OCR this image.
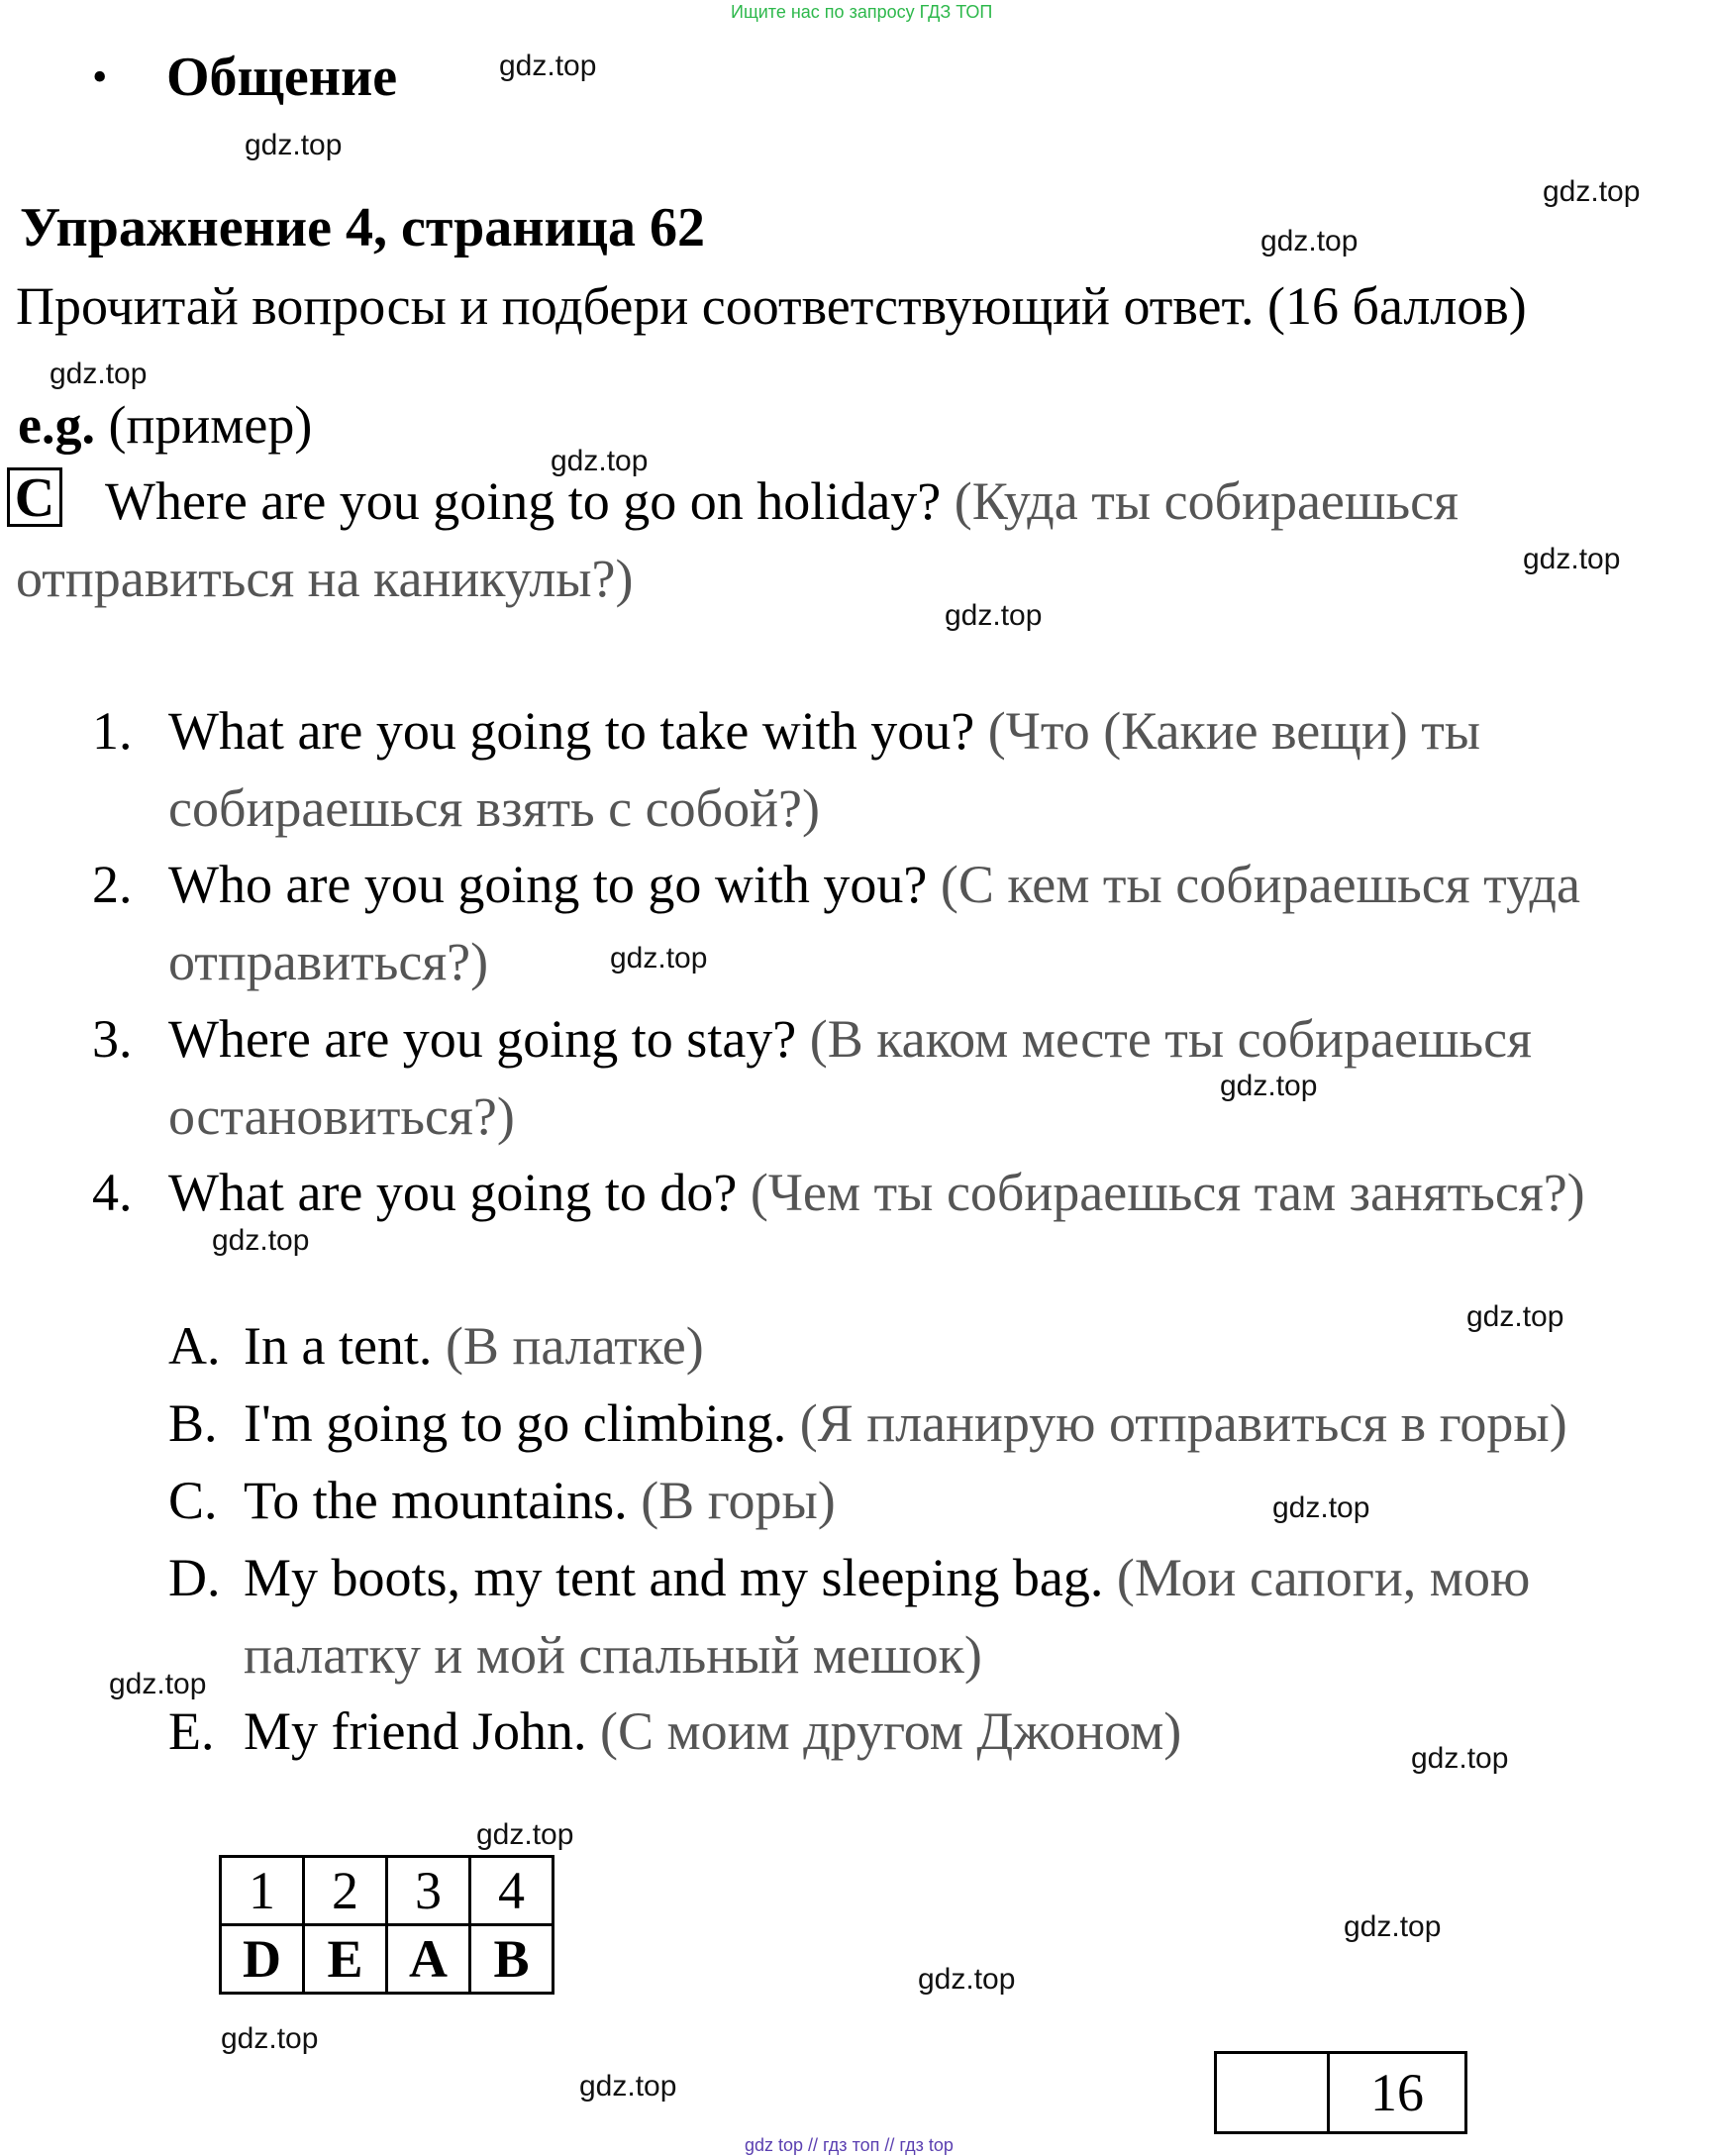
Ищите нас по запросу ГДЗ ТОП
gdz top // гдз топ // гдз top
• Общение
Упражнение 4, страница 62
Прочитай вопросы и подбери соответствующий ответ. (16 баллов)
e.g. (пример)
C Where are you going to go on holiday? (Куда ты собираешься
отправиться на каникулы?)
1. What are you going to take with you? (Что (Какие вещи) ты
собираешься взять с собой?)
2. Who are you going to go with you? (С кем ты собираешься туда
отправиться?)
3. Where are you going to stay? (В каком месте ты собираешься
остановиться?)
4. What are you going to do? (Чем ты собираешься там заняться?)
A. In a tent. (В палатке)
B. I'm going to go climbing. (Я планирую отправиться в горы)
C. To the mountains. (В горы)
D. My boots, my tent and my sleeping bag. (Мои сапоги, мою
палатку и мой спальный мешок)
E. My friend John. (С моим другом Джоном)
1	2	3	4
D	E	A	B
	16
gdz.top
gdz.top
gdz.top
gdz.top
gdz.top
gdz.top
gdz.top
gdz.top
gdz.top
gdz.top
gdz.top
gdz.top
gdz.top
gdz.top
gdz.top
gdz.top
gdz.top
gdz.top
gdz.top
gdz.top
